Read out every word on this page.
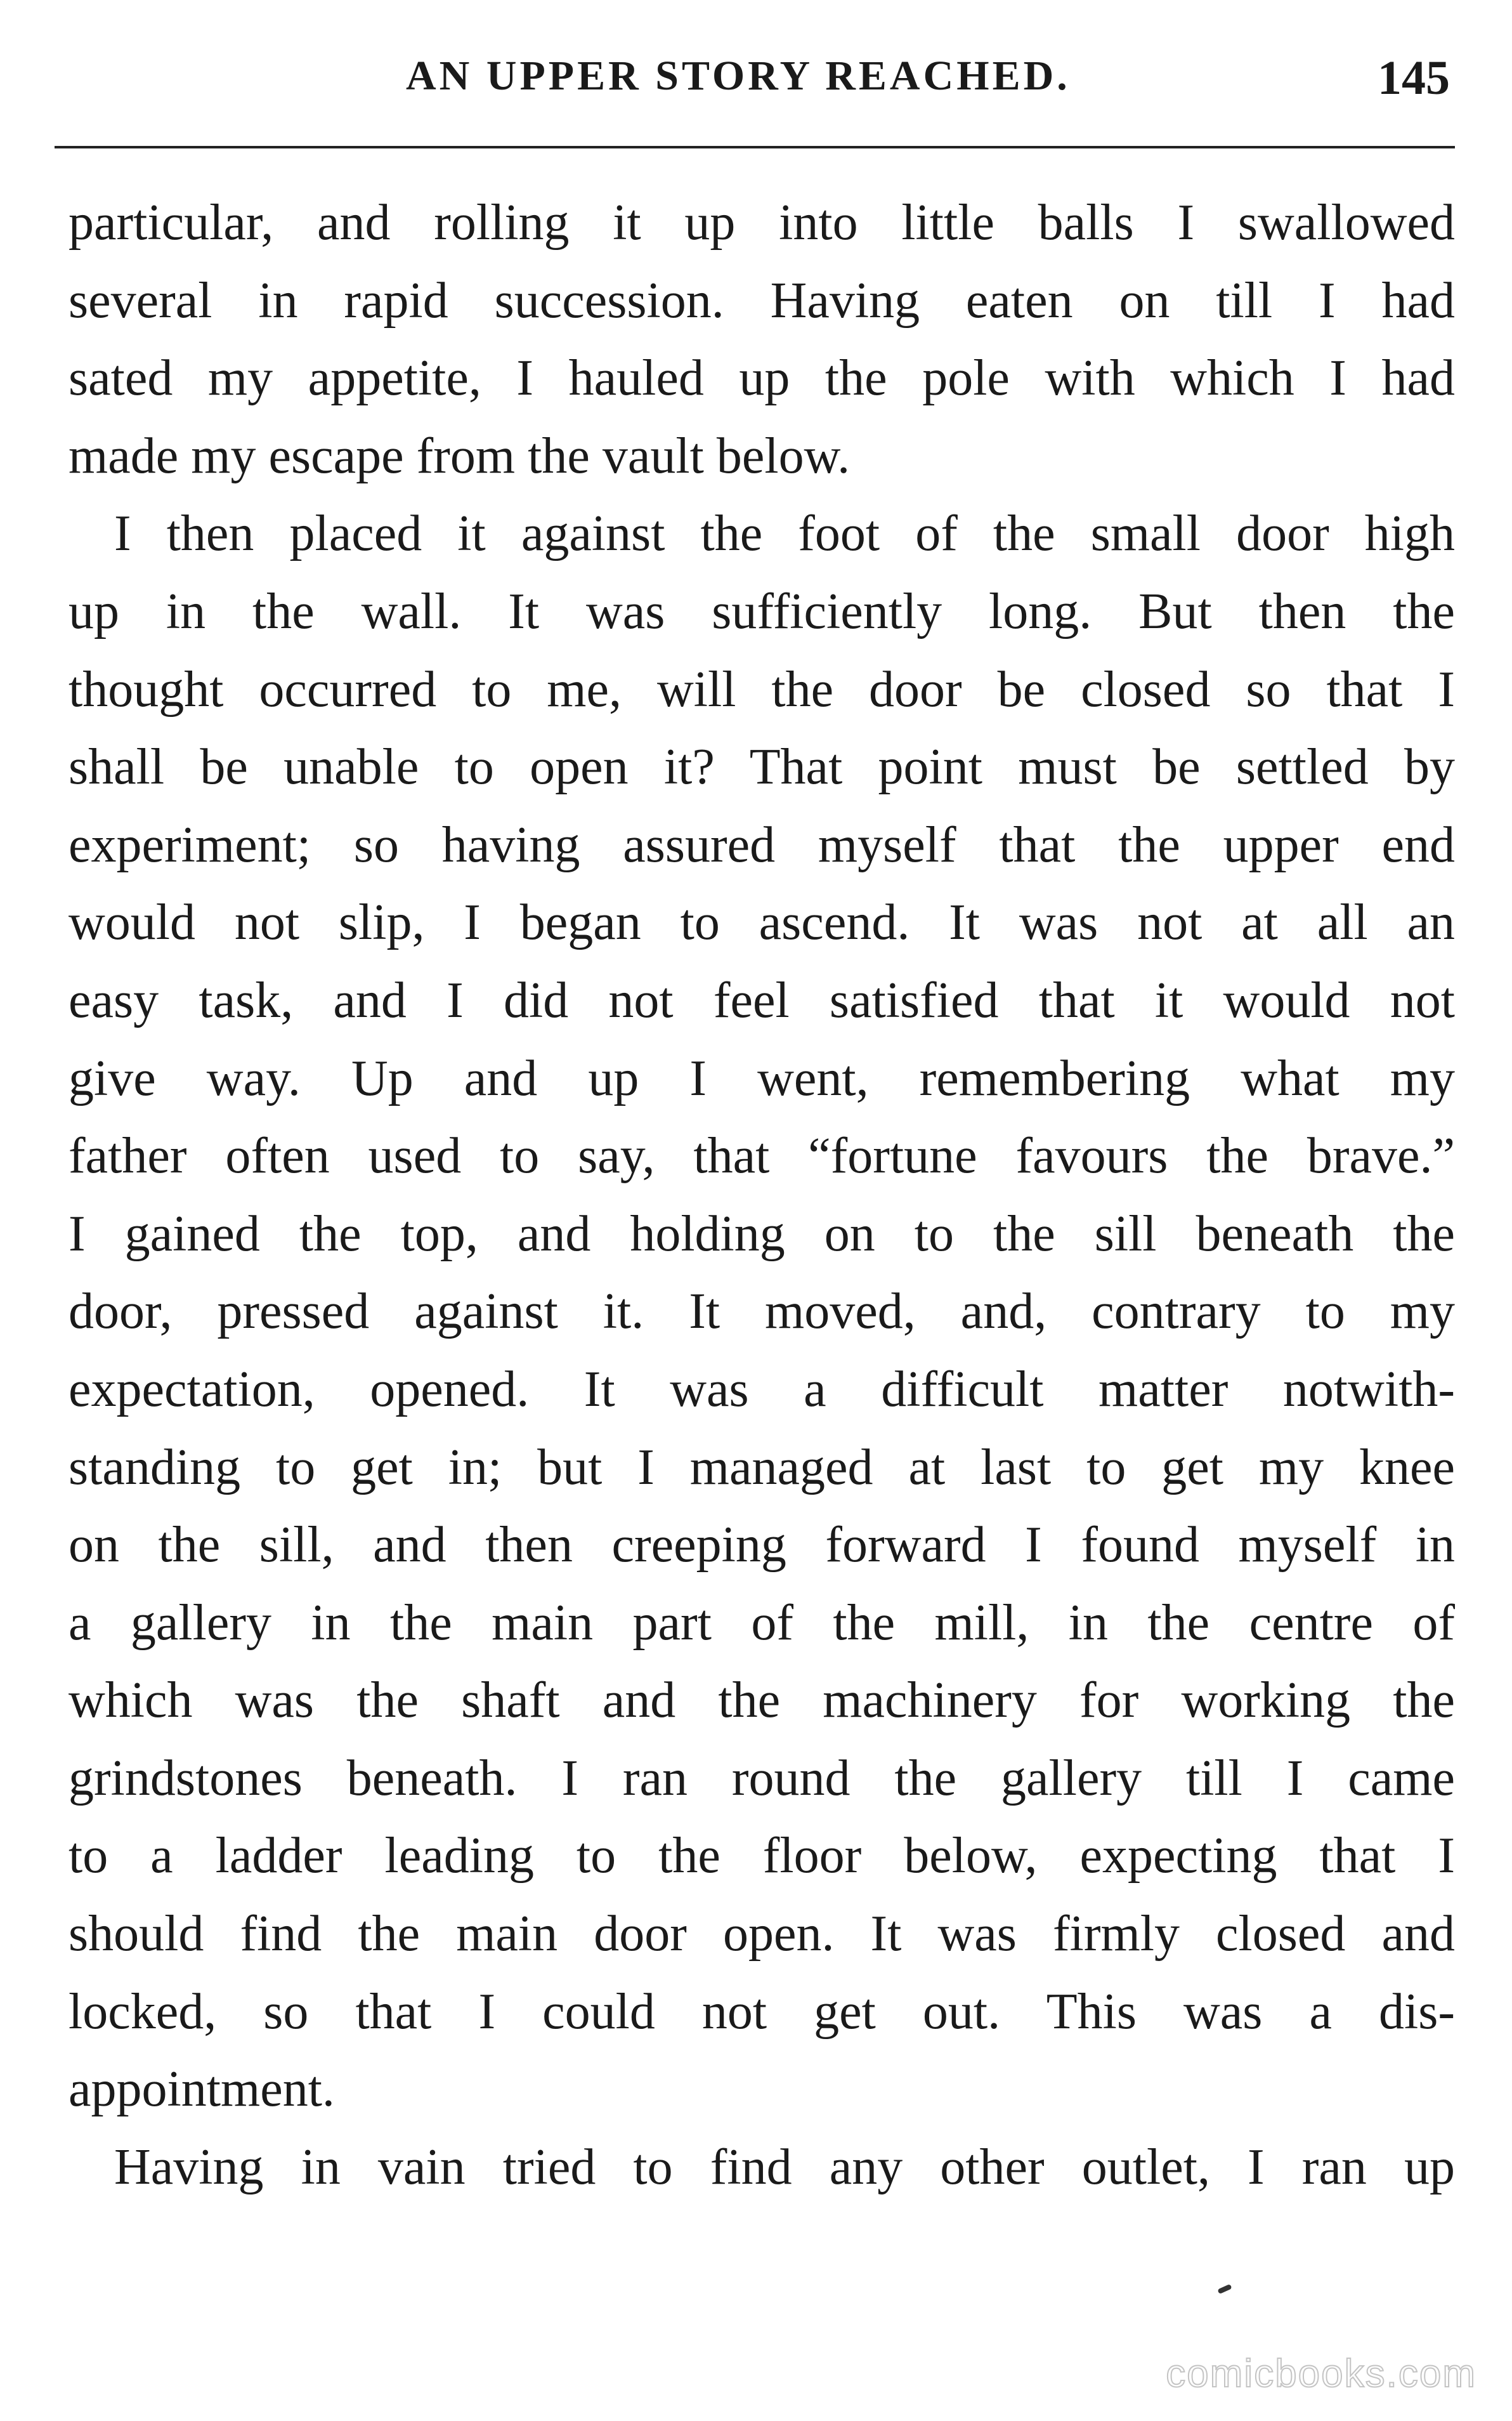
AN UPPER STORY REACHED.	145
particular, and rolling it up into little balls I swallowed
several in rapid succession. Having eaten on till I had
sated my appetite, I hauled up the pole with which I had
made my escape from the vault below.
I then placed it against the foot of the small door high
up in the wall. It was sufficiently long. But then the
thought occurred to me, will the door be closed so that I
shall be unable to open it? That point must be settled by
experiment; so having assured myself that the upper end
would not slip, I began to ascend. It was not at all an
easy task, and I did not feel satisfied that it would not
give way. Up and up I went, remembering what my
father often used to say, that “fortune favours the brave.”
I gained the top, and holding on to the sill beneath the
door, pressed against it. It moved, and, contrary to my
expectation, opened. It was a difficult matter notwith-
standing to get in; but I managed at last to get my knee
on the sill, and then creeping forward I found myself in
a gallery in the main part of the mill, in the centre of
which was the shaft and the machinery for working the
grindstones beneath. I ran round the gallery till I came
to a ladder leading to the floor below, expecting that I
should find the main door open. It was firmly closed and
locked, so that I could not get out. This was a dis-
appointment.
Having in vain tried to find any other outlet, I ran up
comicbooks.com
